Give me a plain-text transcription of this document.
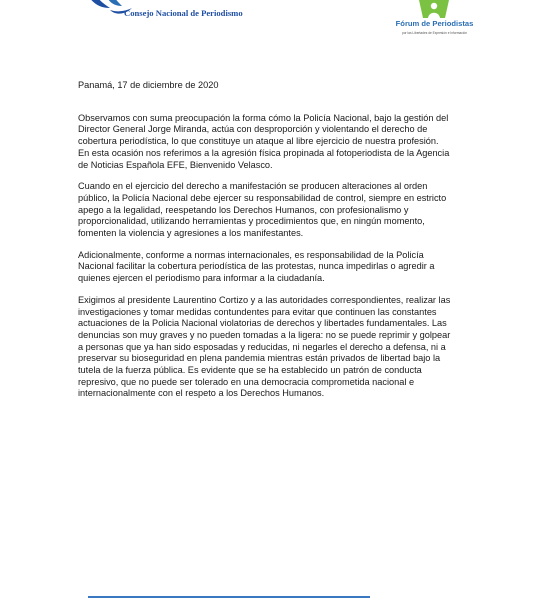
Consejo Nacional de Periodismo
Fórum de Periodistas
por las Libertades de Expresión e Información
Panamá, 17 de diciembre de 2020
Observamos con suma preocupación la forma cómo la Policía Nacional, bajo la gestión del
Director General Jorge Miranda, actúa con desproporción y violentando el derecho de
cobertura periodística, lo que constituye un ataque al libre ejercicio de nuestra profesión.
En esta ocasión nos referimos a la agresión física propinada al fotoperiodista de la Agencia
de Noticias Española EFE, Bienvenido Velasco.
Cuando en el ejercicio del derecho a manifestación se producen alteraciones al orden
público, la Policía Nacional debe ejercer su responsabilidad de control, siempre en estricto
apego a la legalidad, reespetando los Derechos Humanos, con profesionalismo y
proporcionalidad, utilizando herramientas y procedimientos que, en ningún momento,
fomenten la violencia y agresiones a los manifestantes.
Adicionalmente, conforme a normas internacionales, es responsabilidad de la Policía
Nacional facilitar la cobertura periodística de las protestas, nunca impedirlas o agredir a
quienes ejercen el periodismo para informar a la ciudadanía.
Exigimos al presidente Laurentino Cortizo y a las autoridades correspondientes, realizar las
investigaciones y tomar medidas contundentes para evitar que continuen las constantes
actuaciones de la Policia Nacional violatorias de derechos y libertades fundamentales. Las
denuncias son muy graves y no pueden tomadas a la ligera: no se puede reprimir y golpear
a personas que ya han sido esposadas y reducidas, ni negarles el derecho a defensa, ni a
preservar su bioseguridad en plena pandemia mientras están privados de libertad bajo la
tutela de la fuerza pública. Es evidente que se ha establecido un patrón de conducta
represivo, que no puede ser tolerado en una democracia comprometida nacional e
internacionalmente con el respeto a los Derechos Humanos.
